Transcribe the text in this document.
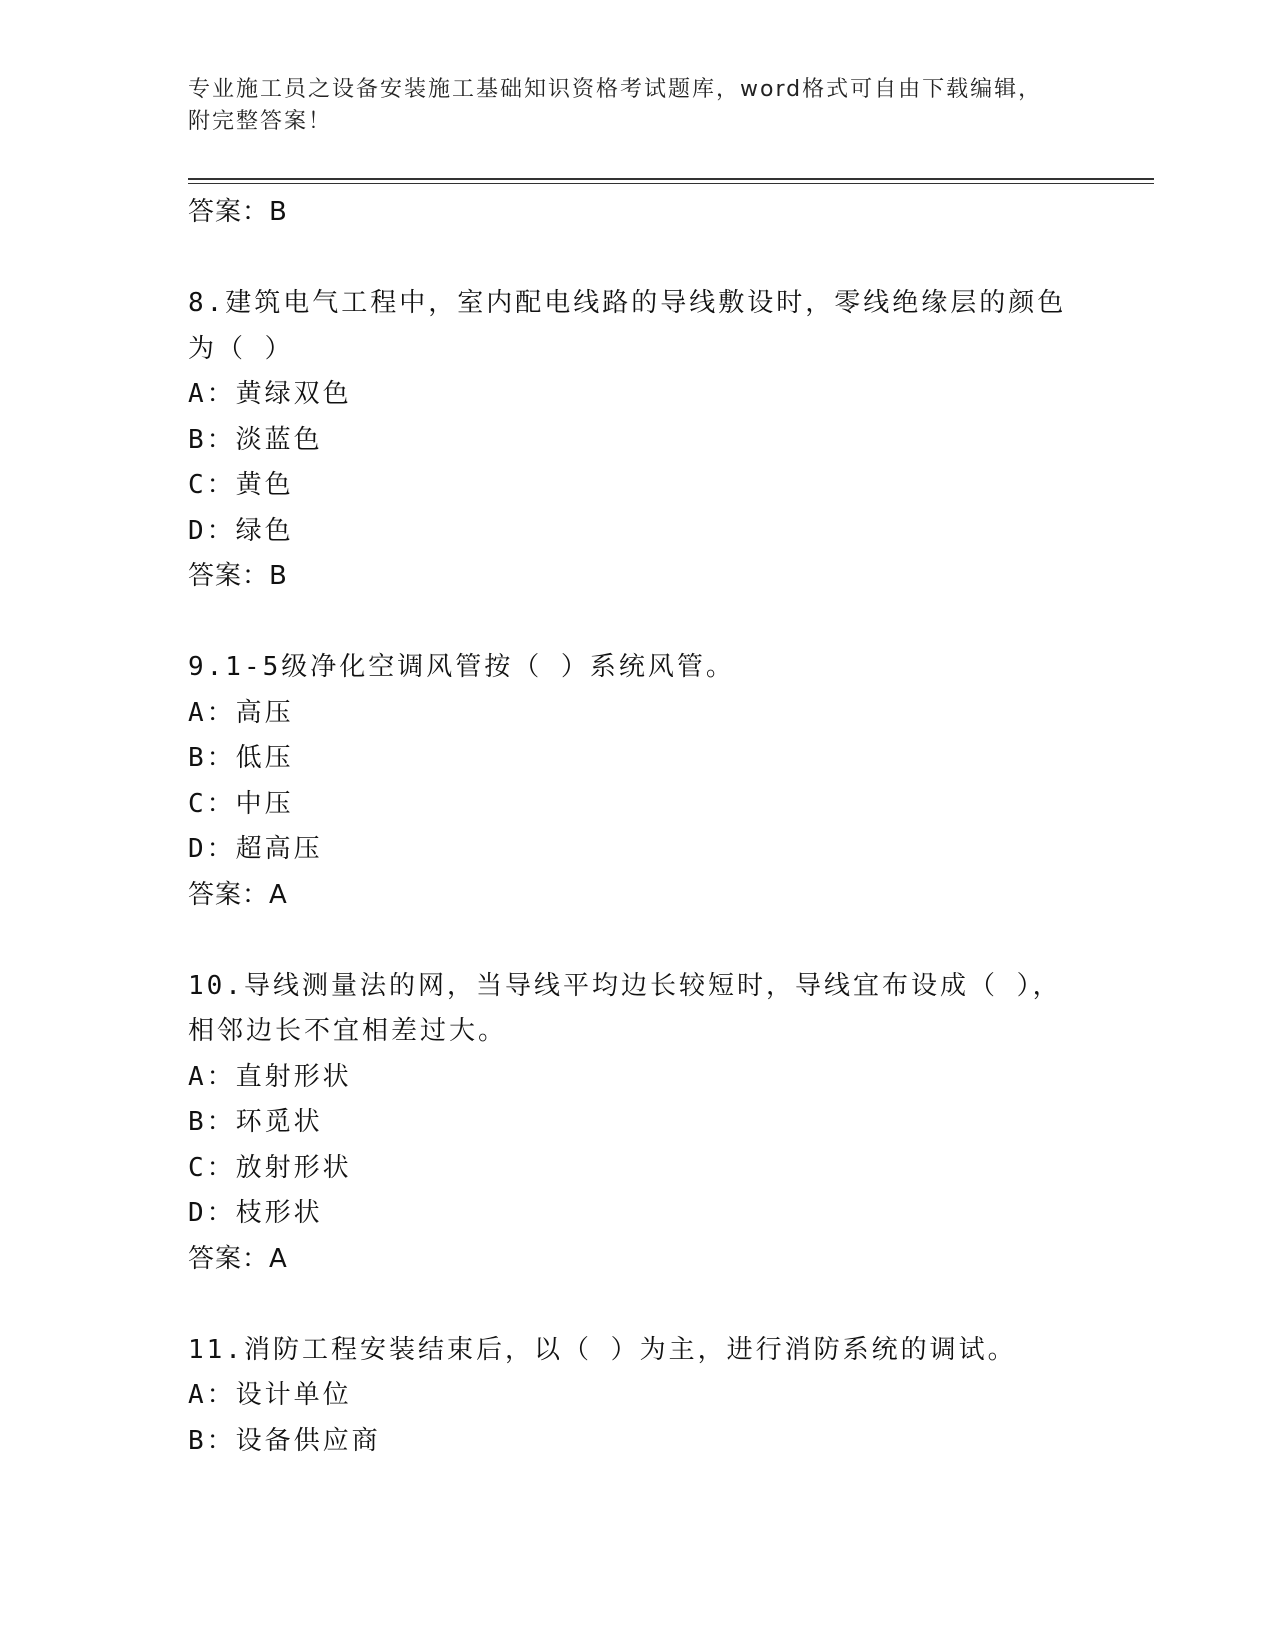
专业施工员之设备安装施工基础知识资格考试题库，word格式可自由下载编辑，
附完整答案！
答案：B
8.建筑电气工程中，室内配电线路的导线敷设时，零线绝缘层的颜色
为（ ）
A：黄绿双色
B：淡蓝色
C：黄色
D：绿色
答案：B
9.1-5级净化空调风管按（ ）系统风管。
A：高压
B：低压
C：中压
D：超高压
答案：A
10.导线测量法的网，当导线平均边长较短时，导线宜布设成（ ），
相邻边长不宜相差过大。
A：直射形状
B：环觅状
C：放射形状
D：枝形状
答案：A
11.消防工程安装结束后，以（ ）为主，进行消防系统的调试。
A：设计单位
B：设备供应商
